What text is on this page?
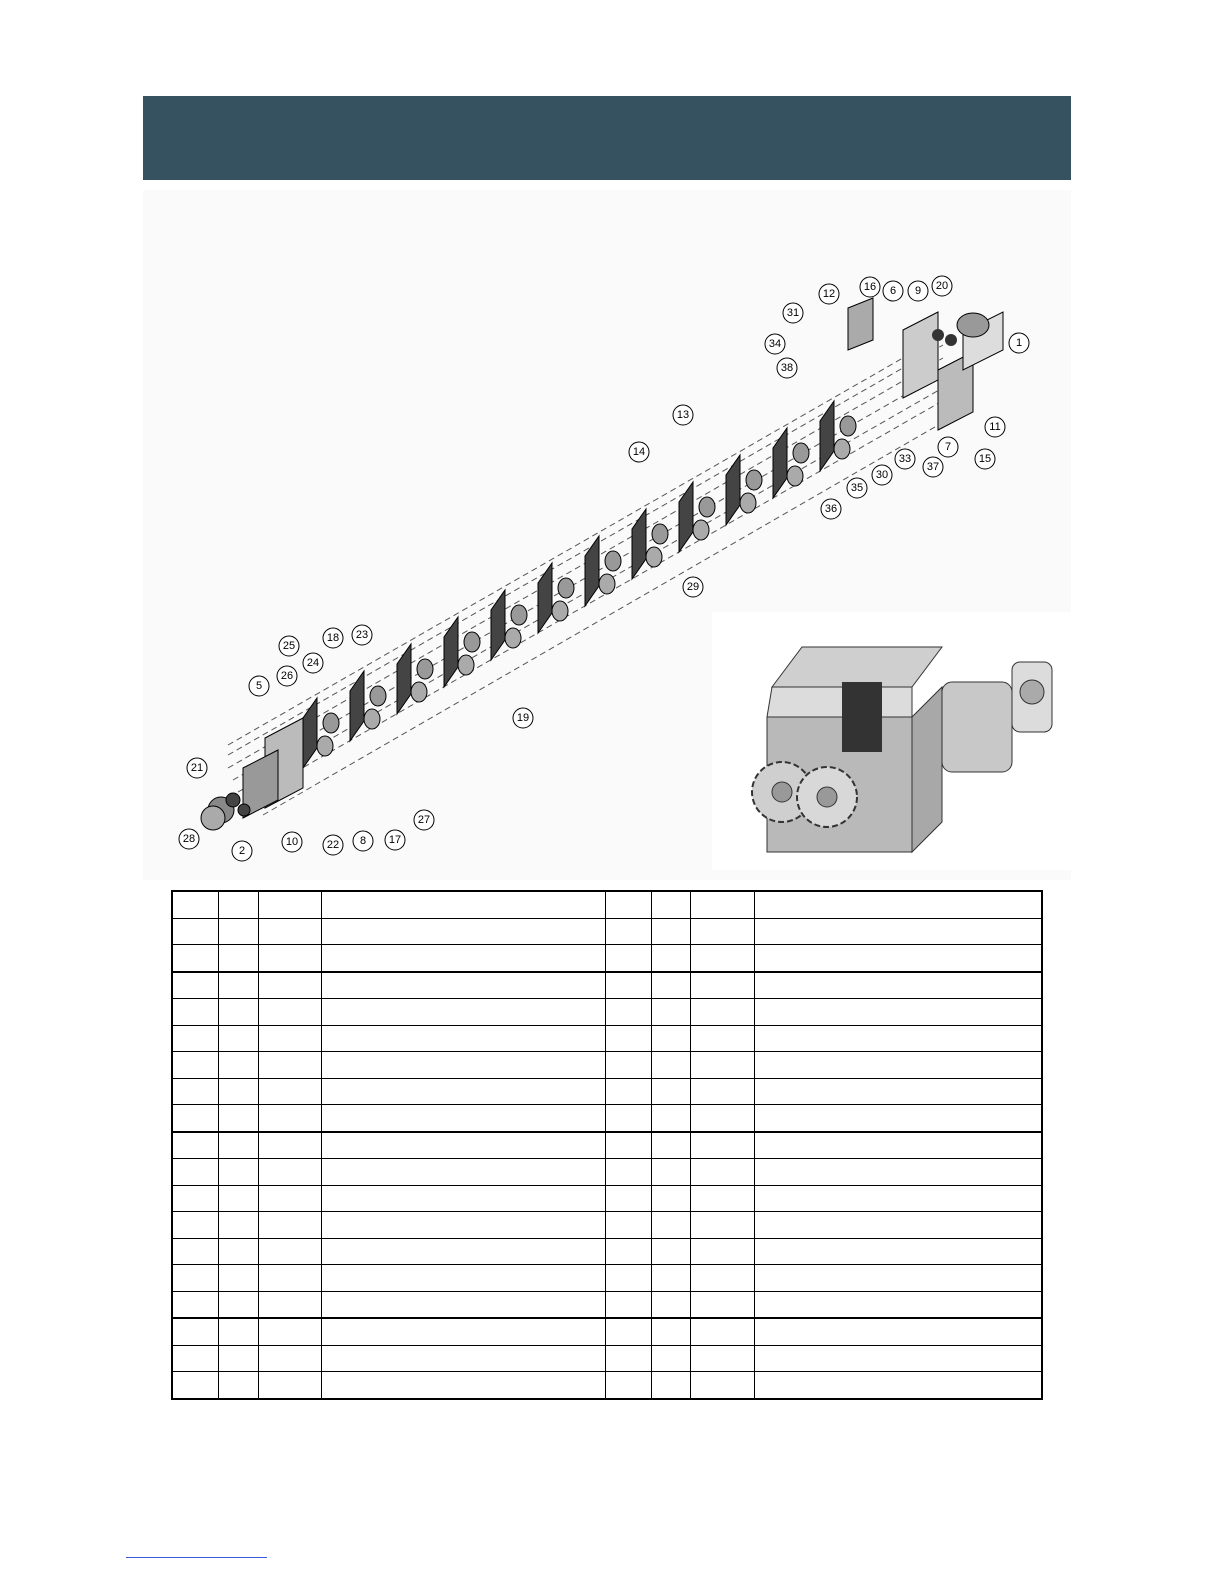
1
2
5
6
7
8
9
10
11
12
13
14
15
16
17
18
19
20
21
22
23
24
25
26
27
28
29
30
31
33
34
35
36
37
38
